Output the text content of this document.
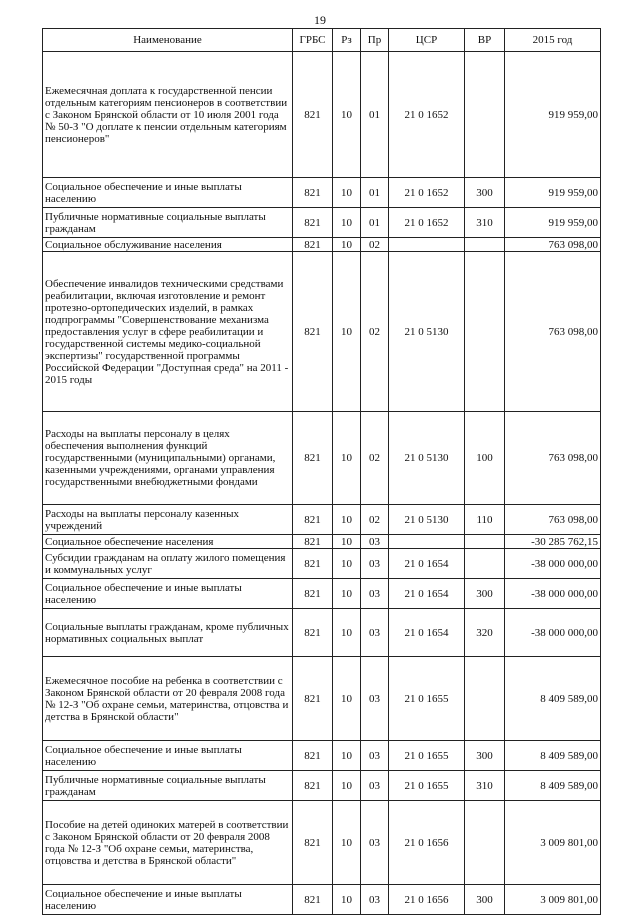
19
Наименование	ГРБС	Рз	Пр	ЦСР	ВР	2015 год
Ежемесячная доплата к государственной пенсии отдельным категориям пенсионеров в соответствии с Законом Брянской области от 10 июля 2001 года № 50-З "О доплате к пенсии отдельным категориям пенсионеров"	821	10	01	21 0 1652		919 959,00
Социальное обеспечение и иные выплаты населению	821	10	01	21 0 1652	300	919 959,00
Публичные нормативные социальные выплаты гражданам	821	10	01	21 0 1652	310	919 959,00
Социальное обслуживание населения	821	10	02			763 098,00
Обеспечение инвалидов техническими средствами реабилитации, включая изготовление и ремонт протезно-ортопедических изделий, в рамках подпрограммы "Совершенствование механизма предоставления услуг в сфере реабилитации и государственной системы медико-социальной экспертизы" государственной программы Российской Федерации "Доступная среда" на 2011 - 2015 годы	821	10	02	21 0 5130		763 098,00
Расходы на выплаты персоналу в целях обеспечения выполнения функций государственными (муниципальными) органами, казенными учреждениями, органами управления государственными внебюджетными фондами	821	10	02	21 0 5130	100	763 098,00
Расходы на выплаты персоналу казенных учреждений	821	10	02	21 0 5130	110	763 098,00
Социальное обеспечение населения	821	10	03			-30 285 762,15
Субсидии гражданам на оплату жилого помещения и коммунальных услуг	821	10	03	21 0 1654		-38 000 000,00
Социальное обеспечение и иные выплаты населению	821	10	03	21 0 1654	300	-38 000 000,00
Социальные выплаты гражданам, кроме публичных нормативных социальных выплат	821	10	03	21 0 1654	320	-38 000 000,00
Ежемесячное пособие на ребенка в соответствии с Законом Брянской области от 20 февраля 2008 года № 12-З "Об охране семьи, материнства, отцовства и детства в Брянской области"	821	10	03	21 0 1655		8 409 589,00
Социальное обеспечение и иные выплаты населению	821	10	03	21 0 1655	300	8 409 589,00
Публичные нормативные социальные выплаты гражданам	821	10	03	21 0 1655	310	8 409 589,00
Пособие на детей одиноких матерей в соответствии с Законом Брянской области от 20 февраля 2008 года № 12-З "Об охране семьи, материнства, отцовства и детства в Брянской области"	821	10	03	21 0 1656		3 009 801,00
Социальное обеспечение и иные выплаты населению	821	10	03	21 0 1656	300	3 009 801,00
